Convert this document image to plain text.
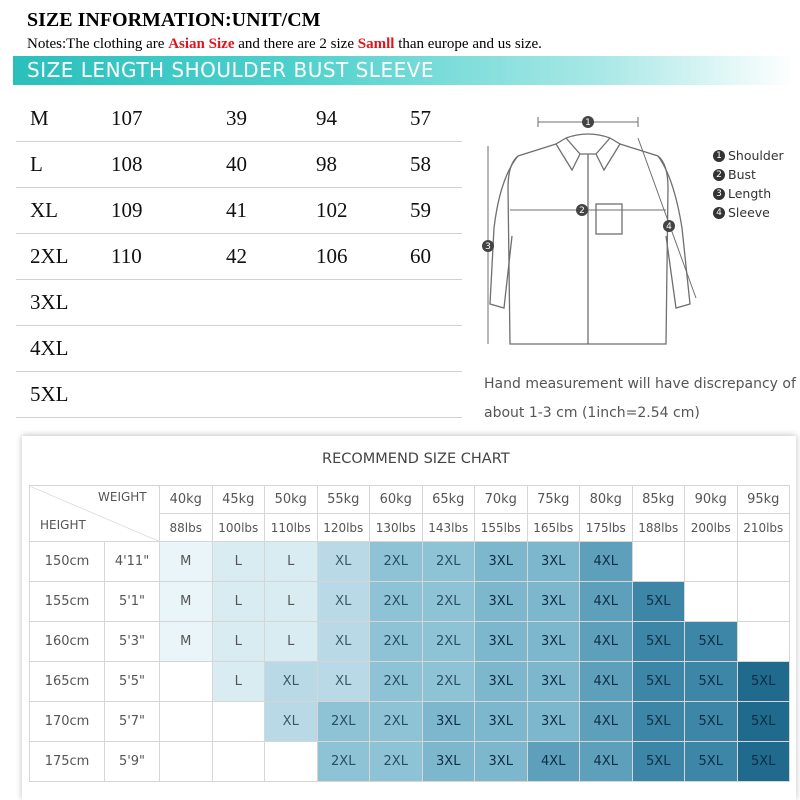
SIZE INFORMATION:UNIT/CM
Notes:The clothing are Asian Size and there are 2 size Samll than europe and us size.
SIZE LENGTH SHOULDER BUST SLEEVE
M	107	39	94	57
L	108	40	98	58
XL	109	41	102	59
2XL 110	42	106	60
3XL
4XL
5XL
1
2
3
4
1 Shoulder
2 Bust
3 Length
4 Sleeve
Hand measurement will have discrepancy of
about 1-3 cm (1inch=2.54 cm)
RECOMMEND SIZE CHART
WEIGHT
HEIGHT		40kg	45kg	50kg	55kg	60kg	65kg	70kg	75kg	80kg	85kg	90kg	95kg
		88lbs	100lbs	110lbs	120lbs	130lbs	143lbs	155lbs	165lbs	175lbs	188lbs	200lbs	210lbs
150cm	4'11"	M	L	L	XL	2XL	2XL	3XL	3XL	4XL			
155cm	5'1"	M	L	L	XL	2XL	2XL	3XL	3XL	4XL	5XL		
160cm	5'3"	M	L	L	XL	2XL	2XL	3XL	3XL	4XL	5XL	5XL	
165cm	5'5"		L	XL	XL	2XL	2XL	3XL	3XL	4XL	5XL	5XL	5XL
170cm	5'7"			XL	2XL	2XL	3XL	3XL	3XL	4XL	5XL	5XL	5XL
175cm	5'9"				2XL	2XL	3XL	3XL	4XL	4XL	5XL	5XL	5XL
